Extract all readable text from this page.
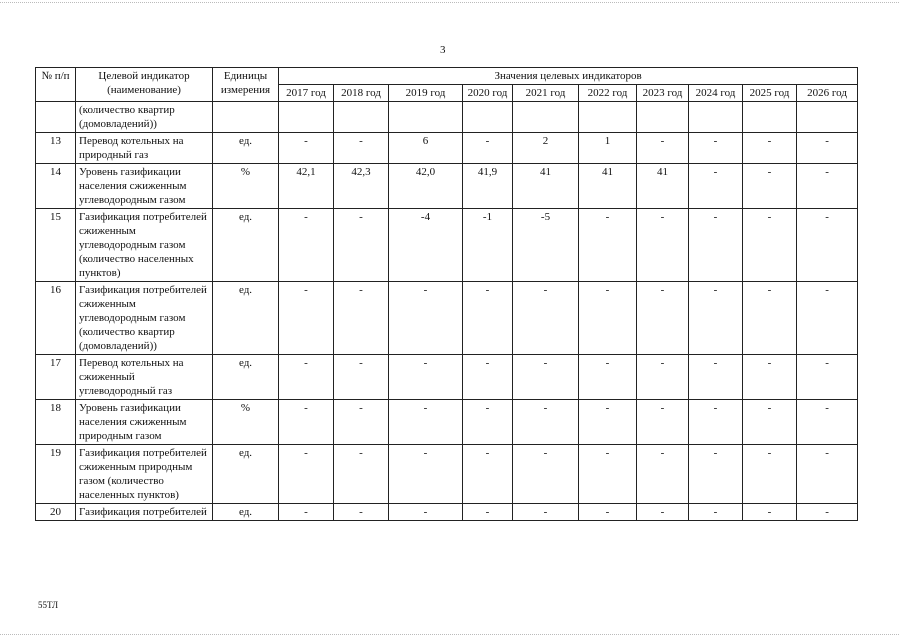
3
№ п/п	Целевой индикатор (наименование)	Единицы измерения	Значения целевых индикаторов									
			2017 год	2018 год	2019 год	2020 год	2021 год	2022 год	2023 год	2024 год	2025 год	2026 год
	(количество квартир (домовладений))											
13	Перевод котельных на природный газ	ед.	-	-	6	-	2	1	-	-	-	-
14	Уровень газификации населения сжиженным углеводородным газом	%	42,1	42,3	42,0	41,9	41	41	41	-	-	-
15	Газификация потребителей сжиженным углеводородным газом (количество населенных пунктов)	ед.	-	-	-4	-1	-5	-	-	-	-	-
16	Газификация потребителей сжиженным углеводородным газом (количество квартир (домовладений))	ед.	-	-	-	-	-	-	-	-	-	-
17	Перевод котельных на сжиженный углеводородный газ	ед.	-	-	-	-	-	-	-	-	-	-
18	Уровень газификации населения сжиженным природным газом	%	-	-	-	-	-	-	-	-	-	-
19	Газификация потребителей сжиженным природным газом (количество населенных пунктов)	ед.	-	-	-	-	-	-	-	-	-	-
20	Газификация потребителей	ед.	-	-	-	-	-	-	-	-	-	-
55ТЛ
